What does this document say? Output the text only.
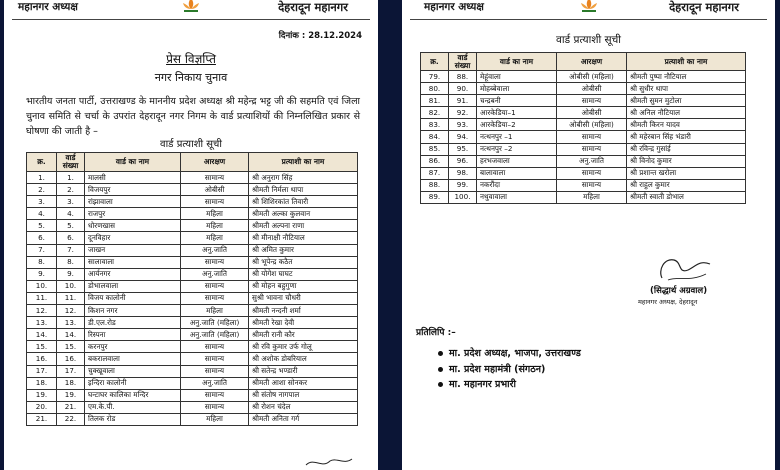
महानगर अध्यक्ष	देहरादून महानगर
दिनांक : 28.12.2024
प्रेस विज्ञप्ति
नगर निकाय चुनाव
भारतीय जनता पार्टी, उत्तराखण्ड के माननीय प्रदेश अध्यक्ष श्री महेन्द्र भट्ट जी की सहमति एवं जिला चुनाव समिति से चर्चा के उपरांत देहरादून नगर निगम के वार्ड प्रत्याशियों की निम्नलिखित प्रकार से घोषणा की जाती है –
वार्ड प्रत्याशी सूची
क्र.	वार्ड संख्या	वार्ड का नाम	आरक्षण	प्रत्याशी का नाम
1.	1.	मालसी	सामान्य	श्री अनुराग सिंह
2.	2.	विजयपुर	ओबीसी	श्रीमती निर्मला थापा
3.	3.	रांझावाला	सामान्य	श्री शिशिरकांत तिवारी
4.	4.	राजपुर	महिला	श्रीमती अल्का कुलवान
5.	5.	धोरणखास	महिला	श्रीमती अल्पना राणा
6.	6.	दूनविहार	महिला	श्री मीनाक्षी नौटियाल
7.	7.	जाखन	अनु.जाति	श्री अमित कुमार
8.	8.	सालावाला	सामान्य	श्री भूपेन्द्र कठैत
9.	9.	आर्यनगर	अनु.जाति	श्री योगेश घाघट
10.	10.	डोभालवाला	सामान्य	श्री मोहन बहुगुणा
11.	11.	विजय कालोनी	सामान्य	सुश्री भावना चौधरी
12.	12.	किशन नगर	महिला	श्रीमती नन्दनी शर्मा
13.	13.	डी.एल.रोड	अनु.जाति (महिला)	श्रीमती रेखा देवी
14.	14.	रिस्पना	अनु.जाति (महिला)	श्रीमती रानी कौर
15.	15.	करनपुर	सामान्य	श्री रवि कुमार उर्फ गोलू
16.	16.	बकरालवाला	सामान्य	श्री अशोक डोबरियाल
17.	17.	चुक्खूवाला	सामान्य	श्री सतेन्द्र भण्डारी
18.	18.	इन्दिरा कालोनी	अनु.जाति	श्रीमती आशा सोनकर
19.	19.	घन्टाघर कालिका मन्दिर	सामान्य	श्री संतोष नागपाल
20.	21.	एम.के.पी.	सामान्य	श्री रोशन चंदेल
21.	22.	तिलक रोड	महिला	श्रीमती अनिता गर्ग
महानगर अध्यक्ष	देहरादून महानगर
वार्ड प्रत्याशी सूची
क्र.	वार्ड संख्या	वार्ड का नाम	आरक्षण	प्रत्याशी का नाम
79.	88.	मेहूंवाला	ओबीसी (महिला)	श्रीमती पुष्पा नौटियाल
80.	90.	मोहब्बेवाला	ओबीसी	श्री सुधीर थापा
81.	91.	चन्द्रबनी	सामान्य	श्रीमती सुमन मुटोला
82.	92.	आरकेडिया–1	ओबीसी	श्री अनिल नौटियाल
83.	93.	आरकेडिया–2	ओबीसी (महिला)	श्रीमती किरन यादव
84.	94.	नत्थनपुर –1	सामान्य	श्री महेरबान सिंह भंडारी
85.	95.	नत्थनपुर –2	सामान्य	श्री रविन्द्र गुसांई
86.	96.	हरभजवाला	अनु.जाति	श्री विनोद कुमार
87.	98.	बालावाला	सामान्य	श्री प्रशान्त खरोला
88.	99.	नकरौंदा	सामान्य	श्री राहुल कुमार
89.	100.	नथुवावाला	महिला	श्रीमती स्वाती डोभाल
(सिद्धार्थ अग्रवाल)
महानगर अध्यक्ष, देहरादून
प्रतिलिपि :–
मा. प्रदेश अध्यक्ष, भाजपा, उत्तराखण्ड
मा. प्रदेश महामंत्री (संगठन)
मा. महानगर प्रभारी
